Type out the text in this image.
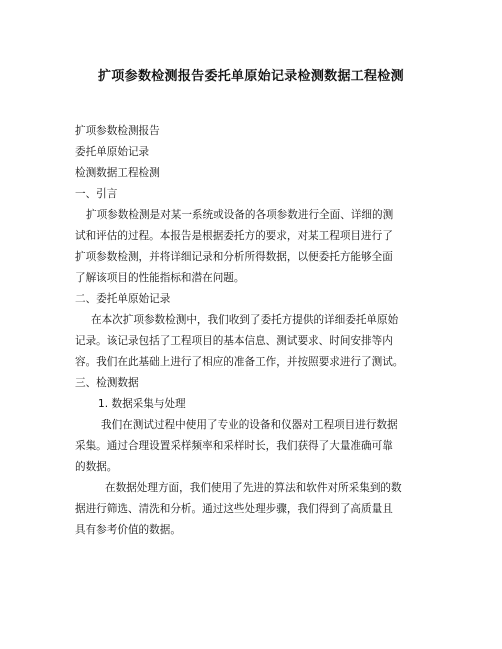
扩项参数检测报告委托单原始记录检测数据工程检测
扩项参数检测报告
委托单原始记录
检测数据工程检测
一、引言
扩项参数检测是对某一系统或设备的各项参数进行全面、详细的测
试和评估的过程。本报告是根据委托方的要求，对某工程项目进行了
扩项参数检测，并将详细记录和分析所得数据，以便委托方能够全面
了解该项目的性能指标和潜在问题。
二、委托单原始记录
在本次扩项参数检测中，我们收到了委托方提供的详细委托单原始
记录。该记录包括了工程项目的基本信息、测试要求、时间安排等内
容。我们在此基础上进行了相应的准备工作，并按照要求进行了测试。
三、检测数据
1. 数据采集与处理
我们在测试过程中使用了专业的设备和仪器对工程项目进行数据
采集。通过合理设置采样频率和采样时长，我们获得了大量准确可靠
的数据。
在数据处理方面，我们使用了先进的算法和软件对所采集到的数
据进行筛选、清洗和分析。通过这些处理步骤，我们得到了高质量且
具有参考价值的数据。
